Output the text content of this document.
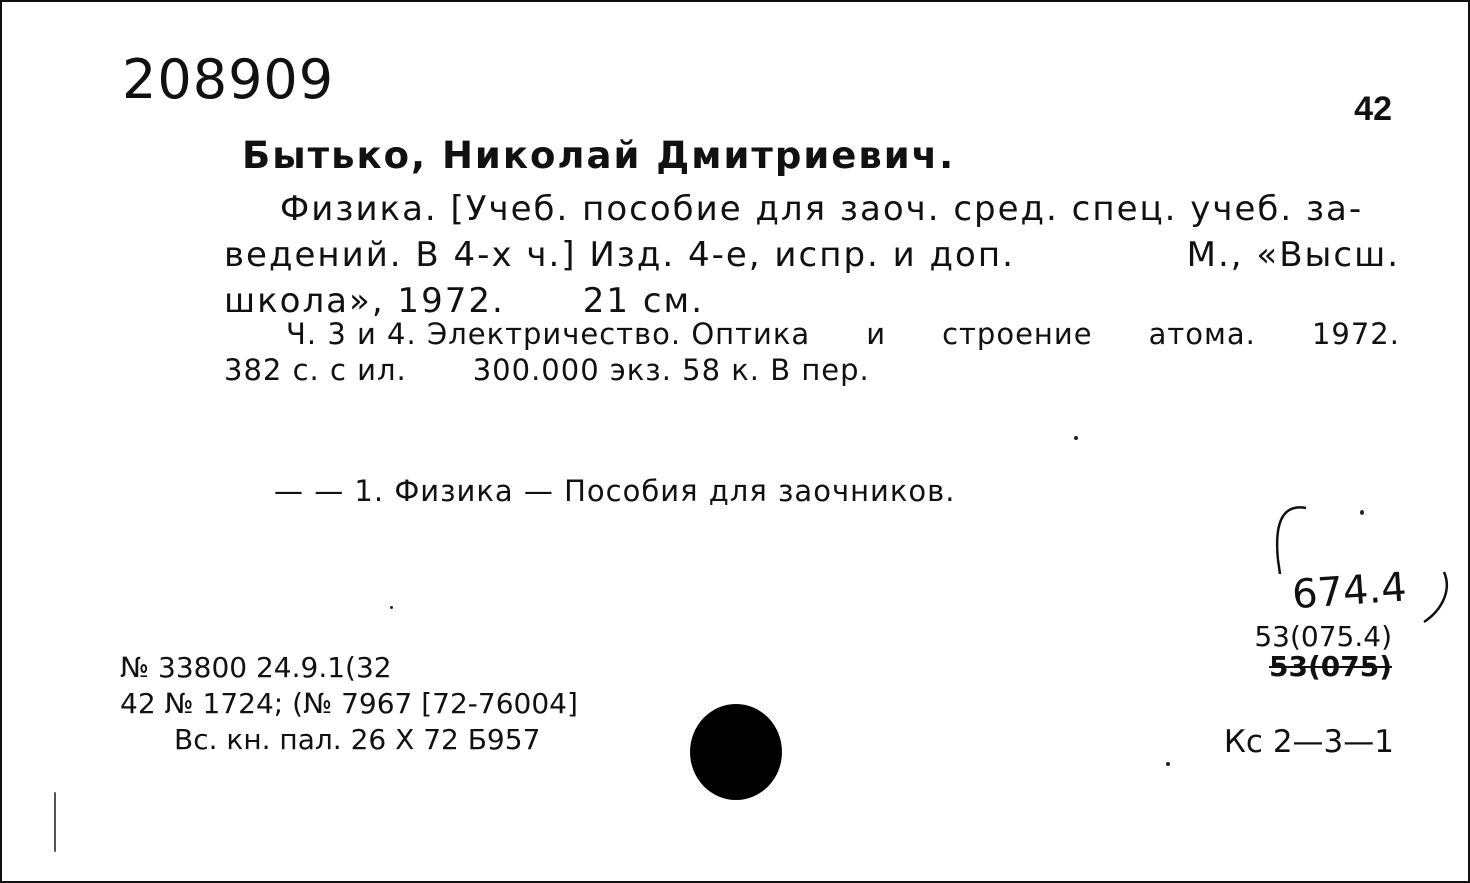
208909	42
Бытько, Николай Дмитриевич.
Физика. [Учеб. пособие для заоч. сред. спец. учеб. за-
ведений. В 4-х ч.] Изд. 4-е, испр. и доп.	М., «Высш.
школа», 1972. 21 см.
Ч. 3 и 4. Электричество. Оптика и строение атома. 1972.
382 с. с ил. 300.000 экз. 58 к. В пер.
— — 1. Физика — Пособия для заочников.
674.4
53(075.4)
53(075)
Кс 2—3—1
№ 33800 24.9.1(32
42 № 1724; (№ 7967 [72-76004]
Вс. кн. пал. 26 X 72 Б957
